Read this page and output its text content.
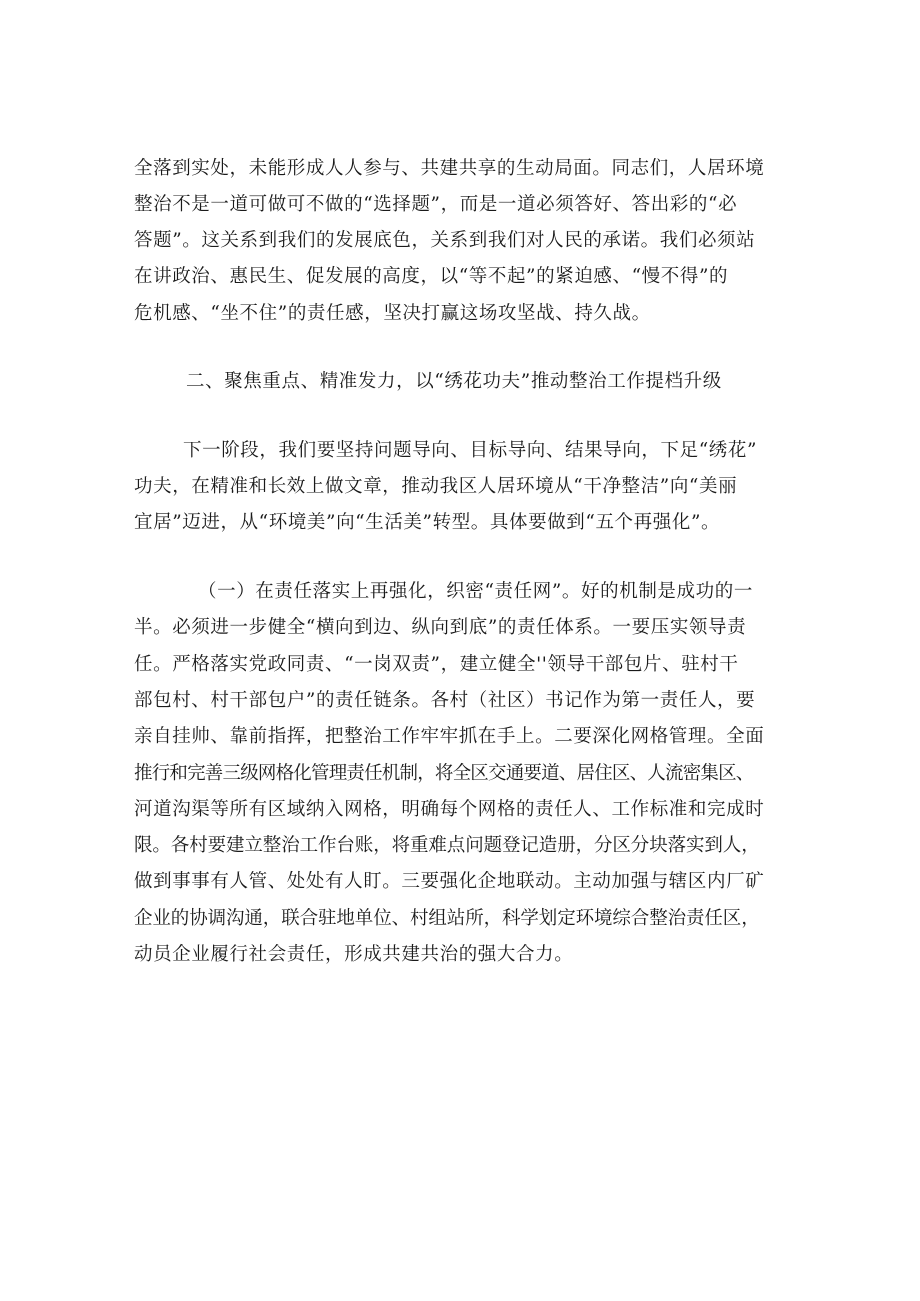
全落到实处，未能形成人人参与、共建共享的生动局面。同志们，人居环境
整治不是一道可做可不做的“选择题”，而是一道必须答好、答出彩的“必
答题”。这关系到我们的发展底色，关系到我们对人民的承诺。我们必须站
在讲政治、惠民生、促发展的高度，以“等不起”的紧迫感、“慢不得”的
危机感、“坐不住”的责任感，坚决打赢这场攻坚战、持久战。
二、聚焦重点、精准发力，以“绣花功夫”推动整治工作提档升级
下一阶段，我们要坚持问题导向、目标导向、结果导向，下足“绣花”
功夫，在精准和长效上做文章，推动我区人居环境从“干净整洁”向“美丽
宜居”迈进，从“环境美”向“生活美”转型。具体要做到“五个再强化”。
（一）在责任落实上再强化，织密“责任网”。好的机制是成功的一
半。必须进一步健全“横向到边、纵向到底”的责任体系。一要压实领导责
任。严格落实党政同责、“一岗双责”，建立健全''领导干部包片、驻村干
部包村、村干部包户”的责任链条。各村（社区）书记作为第一责任人，要
亲自挂帅、靠前指挥，把整治工作牢牢抓在手上。二要深化网格管理。全面
推行和完善三级网格化管理责任机制，将全区交通要道、居住区、人流密集区、
河道沟渠等所有区域纳入网格，明确每个网格的责任人、工作标准和完成时
限。各村要建立整治工作台账，将重难点问题登记造册，分区分块落实到人，
做到事事有人管、处处有人盯。三要强化企地联动。主动加强与辖区内厂矿
企业的协调沟通，联合驻地单位、村组站所，科学划定环境综合整治责任区，
动员企业履行社会责任，形成共建共治的强大合力。
